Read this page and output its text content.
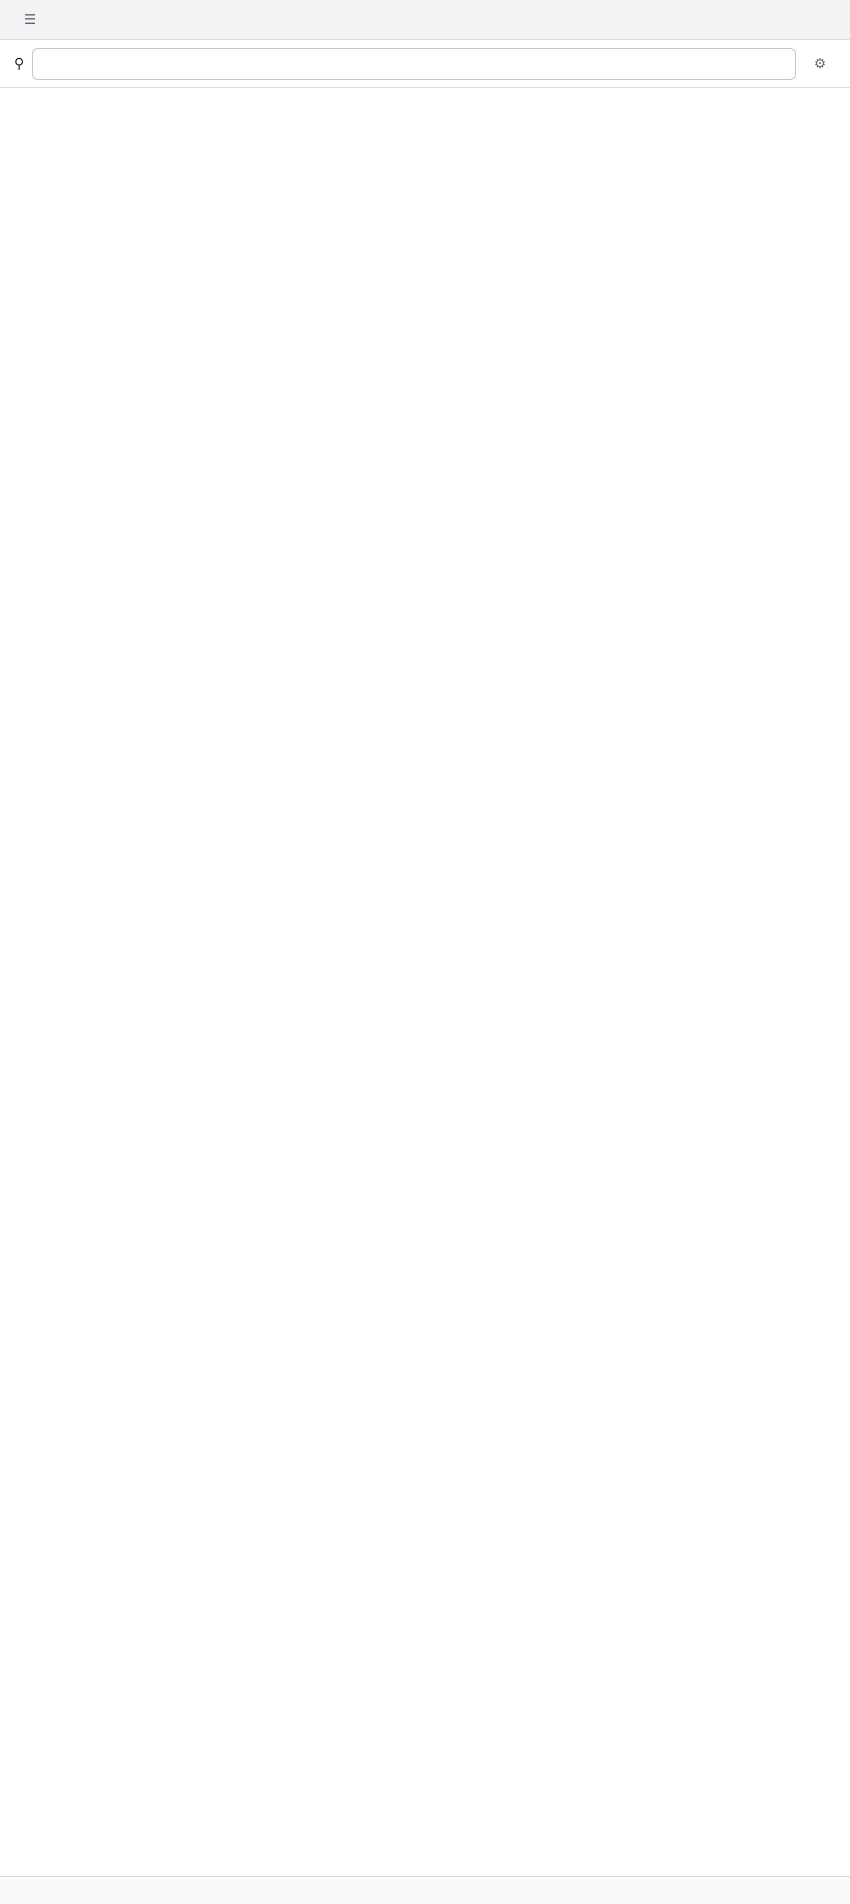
☰
⚲	⚙
